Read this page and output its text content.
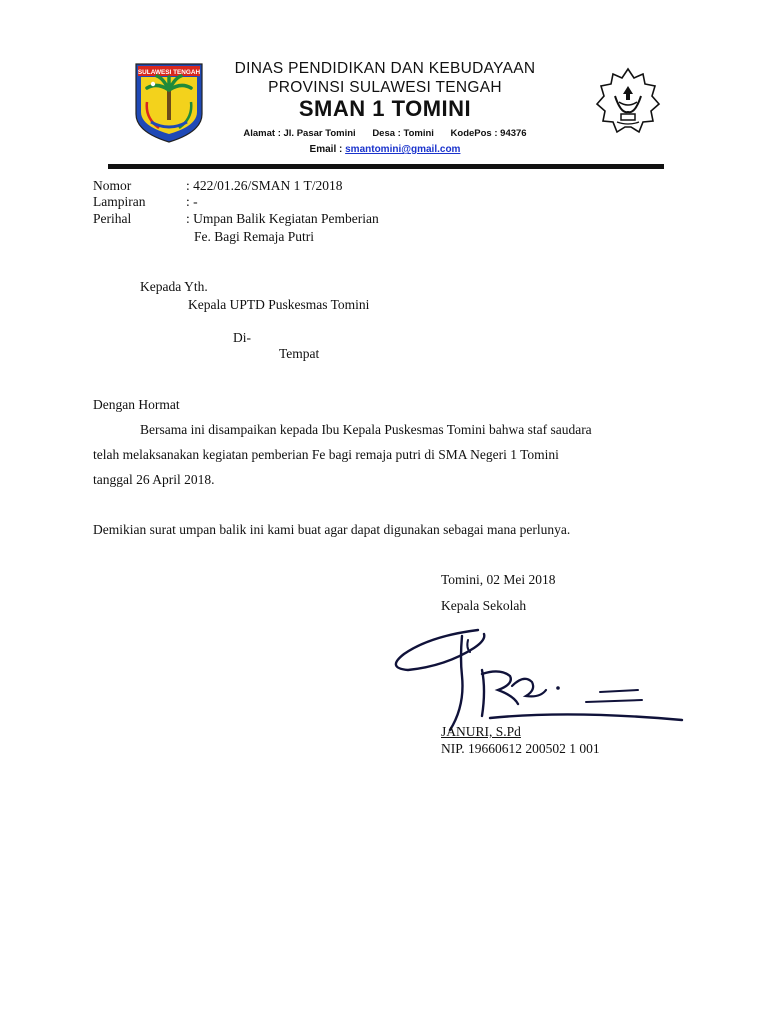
SULAWESI TENGAH	DINAS PENDIDIKAN DAN KEBUDAYAAN
PROVINSI SULAWESI TENGAH
SMAN 1 TOMINI
Alamat : Jl. Pasar Tomini Desa : Tomini KodePos : 94376
Email : smantomini@gmail.com
Nomor	: 422/01.26/SMAN 1 T/2018
Lampiran	: -
Perihal	: Umpan Balik Kegiatan Pemberian
Fe. Bagi Remaja Putri
Kepada Yth.
Kepala UPTD Puskesmas Tomini
Di-
Tempat
Dengan Hormat
Bersama ini disampaikan kepada Ibu Kepala Puskesmas Tomini bahwa staf saudara
telah melaksanakan kegiatan pemberian Fe bagi remaja putri di SMA Negeri 1 Tomini
tanggal 26 April 2018.
Demikian surat umpan balik ini kami buat agar dapat digunakan sebagai mana perlunya.
Tomini, 02 Mei 2018
Kepala Sekolah
JANURI, S.Pd
NIP. 19660612 200502 1 001
